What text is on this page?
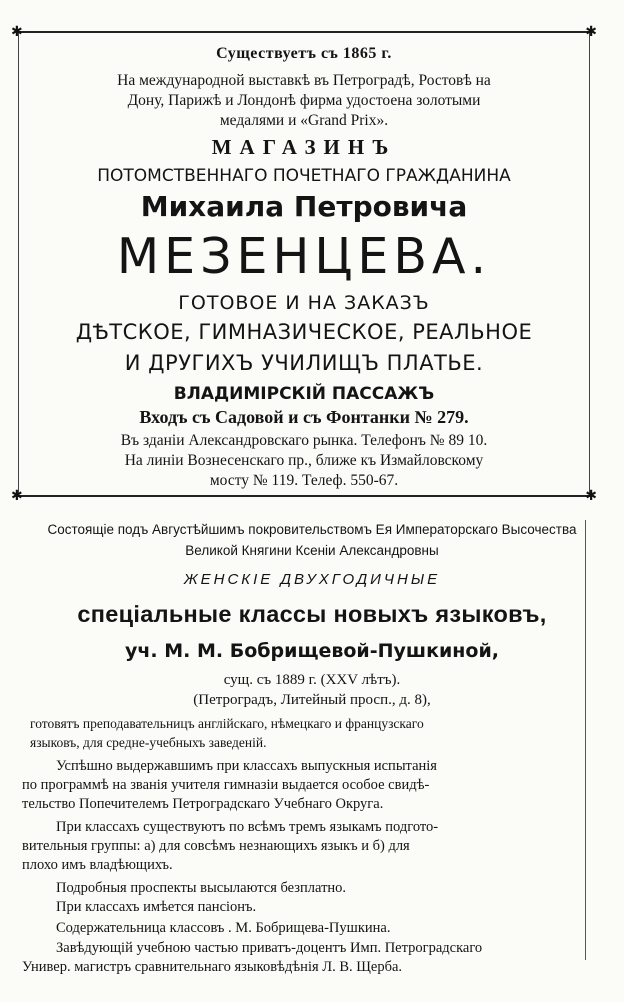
✱	✱
✱	✱
Существуетъ съ 1865 г.
На международной выставкѣ въ Петроградѣ, Ростовѣ на
Дону, Парижѣ и Лондонѣ фирма удостоена золотыми
медалями и «Grand Prix».
МАГАЗИНЪ
ПОТОМСТВЕННАГО ПОЧЕТНАГО ГРАЖДАНИНА
Михаила Петровича
МЕЗЕНЦЕВА.
ГОТОВОЕ И НА ЗАКАЗЪ
ДѢТСКОЕ, ГИМНАЗИЧЕСКОЕ, РЕАЛЬНОЕ
И ДРУГИХЪ УЧИЛИЩЪ ПЛАТЬЕ.
ВЛАДИМІРСКІЙ ПАССАЖЪ
Входъ съ Садовой и съ Фонтанки № 279.
Въ зданіи Александровскаго рынка. Телефонъ № 89 10.
На линіи Вознесенскаго пр., ближе къ Измайловскому
мосту № 119. Телеф. 550-67.
Состоящіе подъ Августѣйшимъ покровительствомъ Ея Императорскаго Высочества
Великой Княгини Ксеніи Александровны
ЖЕНСКІЕ ДВУХГОДИЧНЫЕ
спеціальные классы новыхъ языковъ,
уч. М. М. Бобрищевой-Пушкиной,
сущ. съ 1889 г. (XXV лѣтъ).
(Петроградъ, Литейный просп., д. 8),
готовятъ преподавательницъ англійскаго, нѣмецкаго и французскаго
языковъ, для средне-учебныхъ заведеній.
Успѣшно выдержавшимъ при классахъ выпускныя испытанія
по программѣ на званія учителя гимназіи выдается особое свидѣ-
тельство Попечителемъ Петроградскаго Учебнаго Округа.
При классахъ существуютъ по всѣмъ тремъ языкамъ подгото-
вительныя группы: а) для совсѣмъ незнающихъ языкъ и б) для
плохо имъ владѣющихъ.
Подробныя проспекты высылаются безплатно.
При классахъ имѣется пансіонъ.
Содержательница классовъ . М. Бобрищева-Пушкина.
Завѣдующій учебною частью приватъ-доцентъ Имп. Петроградскаго
Универ. магистръ сравнительнаго языковѣдѣнія Л. В. Щерба.
